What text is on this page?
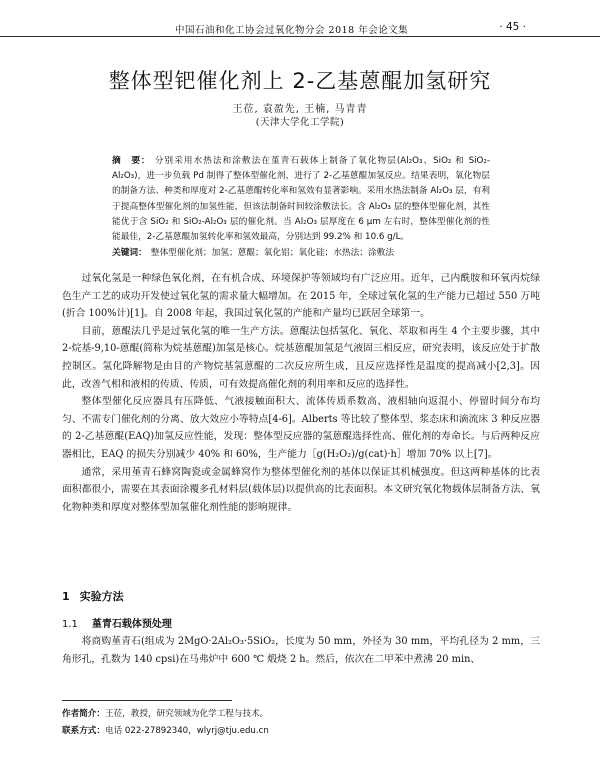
中国石油和化工协会过氧化物分会 2018 年会论文集	· 45 ·
整体型钯催化剂上 2-乙基蒽醌加氢研究
王莅, 袁盈先, 王楠, 马青青
(天津大学化工学院)
摘　要： 分别采用水热法和涂敷法在堇青石载体上制备了氧化物层(Al₂O₃、SiO₂ 和 SiO₂-Al₂O₃)，进一步负载 Pd 制得了整体型催化剂，进行了 2-乙基蒽醌加氢反应。结果表明，氧化物层的制备方法、种类和厚度对 2-乙基蒽醌转化率和氢效有显著影响。采用水热法制备 Al₂O₃ 层，有利于提高整体型催化剂的加氢性能，但该法制备时间较涂敷法长。含 Al₂O₃ 层的整体型催化剂，其性能优于含 SiO₂ 和 SiO₂-Al₂O₃ 层的催化剂。当 Al₂O₃ 层厚度在 6 μm 左右时，整体型催化剂的性能最佳，2-乙基蒽醌加氢转化率和氢效最高，分别达到 99.2% 和 10.6 g/L。
关键词： 整体型催化剂；加氢；蒽醌；氧化铝；氧化硅；水热法；涂敷法

过氧化氢是一种绿色氧化剂，在有机合成、环境保护等领域均有广泛应用。近年，己内酰胺和环氧丙烷绿色生产工艺的成功开发使过氧化氢的需求量大幅增加。在 2015 年，全球过氧化氢的生产能力已超过 550 万吨(折合 100%计)[1]。自 2008 年起，我国过氧化氢的产能和产量均已跃居全球第一。

目前，蒽醌法几乎是过氧化氢的唯一生产方法。蒽醌法包括氢化、氧化、萃取和再生 4 个主要步骤，其中 2-烷基-9,10-蒽醌(简称为烷基蒽醌)加氢是核心。烷基蒽醌加氢是气液固三相反应，研究表明，该反应处于扩散控制区。氢化降解物是由目的产物烷基氢蒽醌的二次反应所生成，且反应选择性是温度的提高减小[2,3]。因此，改善气相和液相的传质、传质，可有效提高催化剂的利用率和反应的选择性。

整体型催化反应器具有压降低、气液接触面积大、流体传质系数高、液相轴向返混小、停留时间分布均匀、不需专门催化剂的分离、放大效应小等特点[4-6]。Alberts 等比较了整体型、浆态床和滴流床 3 种反应器的 2-乙基蒽醌(EAQ)加氢反应性能，发现：整体型反应器的氢蒽醌选择性高、催化剂的寿命长。与后两种反应器相比，EAQ 的损失分别减少 40% 和 60%，生产能力［g(H₂O₂)/g(cat)·h］增加 70% 以上[7]。

通常，采用堇青石蜂窝陶瓷或金属蜂窝作为整体型催化剂的基体以保证其机械强度。但这两种基体的比表面积都很小，需要在其表面涂覆多孔材料层(载体层)以提供高的比表面积。本文研究氧化物载体层制备方法、氧化物种类和厚度对整体型加氢催化剂性能的影响规律。

1 实验方法
1.1 堇青石载体预处理

将商购堇青石(组成为 2MgO·2Al₂O₃·5SiO₂，长度为 50 mm，外径为 30 mm，平均孔径为 2 mm，三角形孔，孔数为 140 cpsi)在马弗炉中 600 ℃ 煅烧 2 h。然后，依次在二甲苯中煮沸 20 min、

作者简介：王莅，教授，研究领域为化学工程与技术。
联系方式：电话 022-27892340，wlyrj@tju.edu.cn
